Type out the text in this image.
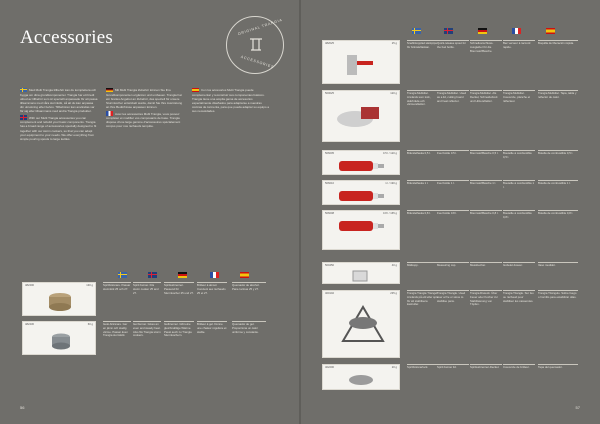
Accessories	ORIGINAL TRANGIA
ACCESSORIES

Med Multi Trangia tillbehör kan du komplettera och bygga om dina grundkomponenter. Trangia har ett bredt utbud av tillbehör som är speciellt anpassade för att passa tillsammans med våra stormkök, så att du kan anpassa din utrustning efter behov. Tillbehören kan användas var för sig eller tillsammans med andra Trangia produkter.

With our Multi Trangia accessories you can complement and rebuild your basic components. Trangia has a broad range of accessories specially designed to fit together with our storm cookers, so that you can adapt your equipment to your needs. We offer everything from simple pouring spouts to large kettles.

Mit Multi Trangia Zubehör können Sie Ihre Grundkomponenten ergänzen und umbauen. Trangia hat ein breites Angebot an Zubehör, das speziell für unsere Sturmkocher entwickelt wurde, damit Sie Ihre Ausrüstung an Ihre Bedürfnisse anpassen können.

Avec les accessoires Multi Trangia, vous pouvez compléter et modifier vos composants de base. Trangia dispose d'une large gamme d'accessoires spécialement conçus pour nos réchauds tempête.

Con los accesorios Multi Trangia puede complementar y reconstruir sus componentes básicos. Trangia tiene una amplia gama de accesorios especialmente diseñados para adaptarse a nuestras cocinas de tormenta, para que pueda adaptar su equipo a sus necesidades.

482400	130 g	Spritbrännare. Passar stormkök 25 och 27.
Spirit burner. Fits storm cooker 25 and 27.
Spiritusbrenner. Passend für Sturmkocher 25 und 27.
Brûleur à alcool. Convient aux réchauds 25 et 27.
Quemador de alcohol. Para cocinas 25 y 27.
482430	60 g	Gelé-brännare. Ger en jämn och stadig värme. Passar även Trangia stormkök.
Gel burner. Gives an even and steady heat. Also fits Trangia storm cookers.
Gelbrenner. Gibt eine gleichmäßige Wärme. Passt auch zu Trangia Sturmkochern.
Brûleur à gel. Donne une chaleur régulière et stable.
Quemador de gel. Proporciona un calor uniforme y constante.
56
482025	25 g	Snabbkopplad sänkpipa för bränsleflaskan.
Quick-release spout for the fuel bottle.
Schnellverschluss-Ausgießer für die Brennstoffflasche.
Bec verseur à raccord rapide.
Boquilla de liberación rápida.
500025	120 g	Trangia Multidisc. Används som lock, skärbräda och värmereflektor.
Trangia Multidisc. Used as a lid, cutting board and heat reflector.
Trangia Multidisc. Als Deckel, Schneidebrett und Hitzereflektor.
Trangia Multidisc. Couvercle, planche et réflecteur.
Trangia Multidisc. Tapa, tabla y reflector de calor.
506005	0.5 l / 120 g	Bränsleflaska 0,5 l.	Fuel bottle 0.5 l.	Brennstoffflasche 0,5 l.	Bouteille à combustible 0,5 l.
Botella de combustible 0,5 l.
506010	1 l / 190 g	Bränsleflaska 1 l.	Fuel bottle 1 l.	Brennstoffflasche 1 l.	Bouteille à combustible 1 l.
Botella de combustible 1 l.
506008	0.8 l / 165 g	Bränsleflaska 0,8 l.	Fuel bottle 0.8 l.	Brennstoffflasche 0,8 l.	Bouteille à combustible 0,8 l.
Botella de combustible 0,8 l.
500450	40 g	Mätkopp.	Measuring cup.	Messbecher.	Gobelet doseur.	Vaso medidor.
400102	235 g	Trangia Trangia Triangel. Används på eld eller spis för att stabilisera kastruller.
Trangia Triangle. Used over a fire or stove to stabilise pans.
Trangia Dreieck. Über Feuer oder Kocher zur Stabilisierung von Töpfen.
Trangia Triangle. Sur feu ou réchaud pour stabiliser les casseroles.
Trangia Triángulo. Sobre fuego o hornillo para estabilizar ollas.
402200	20 g	Spritbrännarlock.	Spirit burner lid.	Spiritusbrenner-Deckel.	Couvercle de brûleur.	Tapa del quemador.
57
